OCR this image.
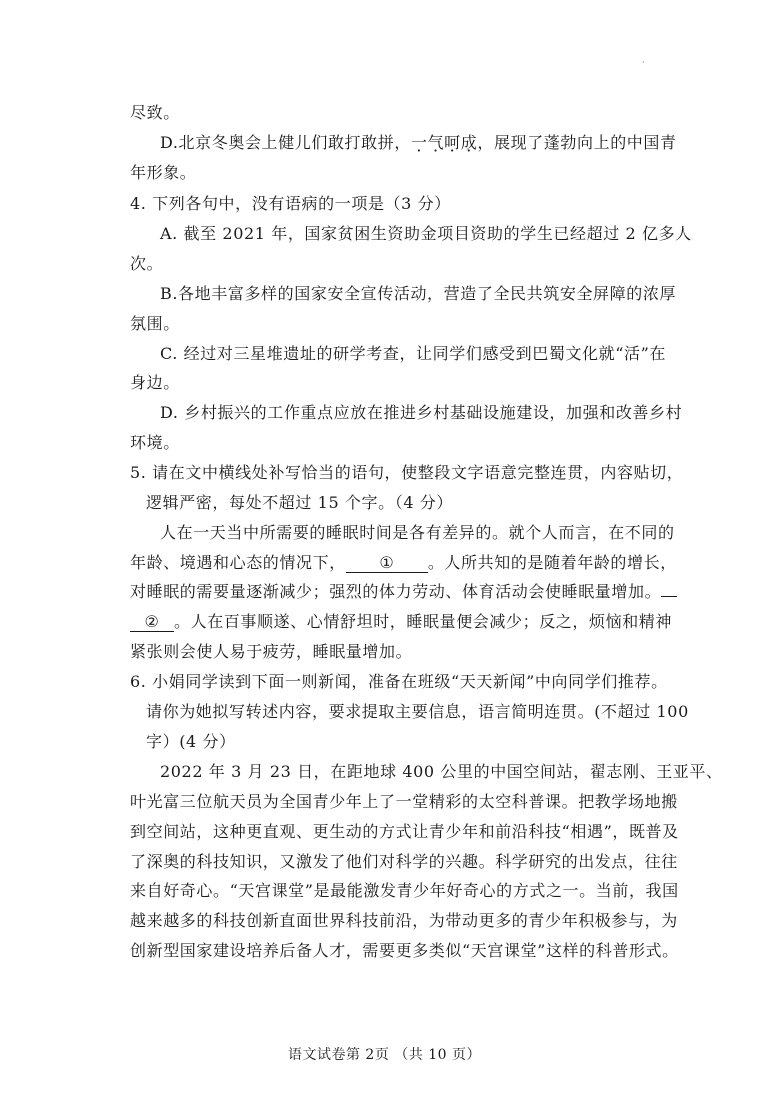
·
尽致。
D.北京冬奥会上健儿们敢打敢拼，一气呵成，展现了蓬勃向上的中国青
年形象。
4. 下列各句中，没有语病的一项是（3 分）
A. 截至 2021 年，国家贫困生资助金项目资助的学生已经超过 2 亿多人
次。
B.各地丰富多样的国家安全宣传活动，营造了全民共筑安全屏障的浓厚
氛围。
C. 经过对三星堆遗址的研学考查，让同学们感受到巴蜀文化就“活”在
身边。
D. 乡村振兴的工作重点应放在推进乡村基础设施建设，加强和改善乡村
环境。
5. 请在文中横线处补写恰当的语句，使整段文字语意完整连贯，内容贴切，
逻辑严密，每处不超过 15 个字。（4 分）
人在一天当中所需要的睡眠时间是各有差异的。就个人而言，在不同的
年龄、境遇和心态的情况下， ① 。人所共知的是随着年龄的增长，
对睡眠的需要量逐渐减少；强烈的体力劳动、体育活动会使睡眠量增加。
② 。人在百事顺遂、心情舒坦时，睡眠量便会减少；反之，烦恼和精神
紧张则会使人易于疲劳，睡眠量增加。
6. 小娟同学读到下面一则新闻，准备在班级“天天新闻”中向同学们推荐。
请你为她拟写转述内容，要求提取主要信息，语言简明连贯。(不超过 100
字）(4 分）
2022 年 3 月 23 日，在距地球 400 公里的中国空间站，翟志刚、王亚平、
叶光富三位航天员为全国青少年上了一堂精彩的太空科普课。把教学场地搬
到空间站，这种更直观、更生动的方式让青少年和前沿科技“相遇”，既普及
了深奥的科技知识，又激发了他们对科学的兴趣。科学研究的出发点，往往
来自好奇心。“天宫课堂”是最能激发青少年好奇心的方式之一。当前，我国
越来越多的科技创新直面世界科技前沿，为带动更多的青少年积极参与，为
创新型国家建设培养后备人才，需要更多类似“天宫课堂”这样的科普形式。
语文试卷第 2页 （共 10 页）
